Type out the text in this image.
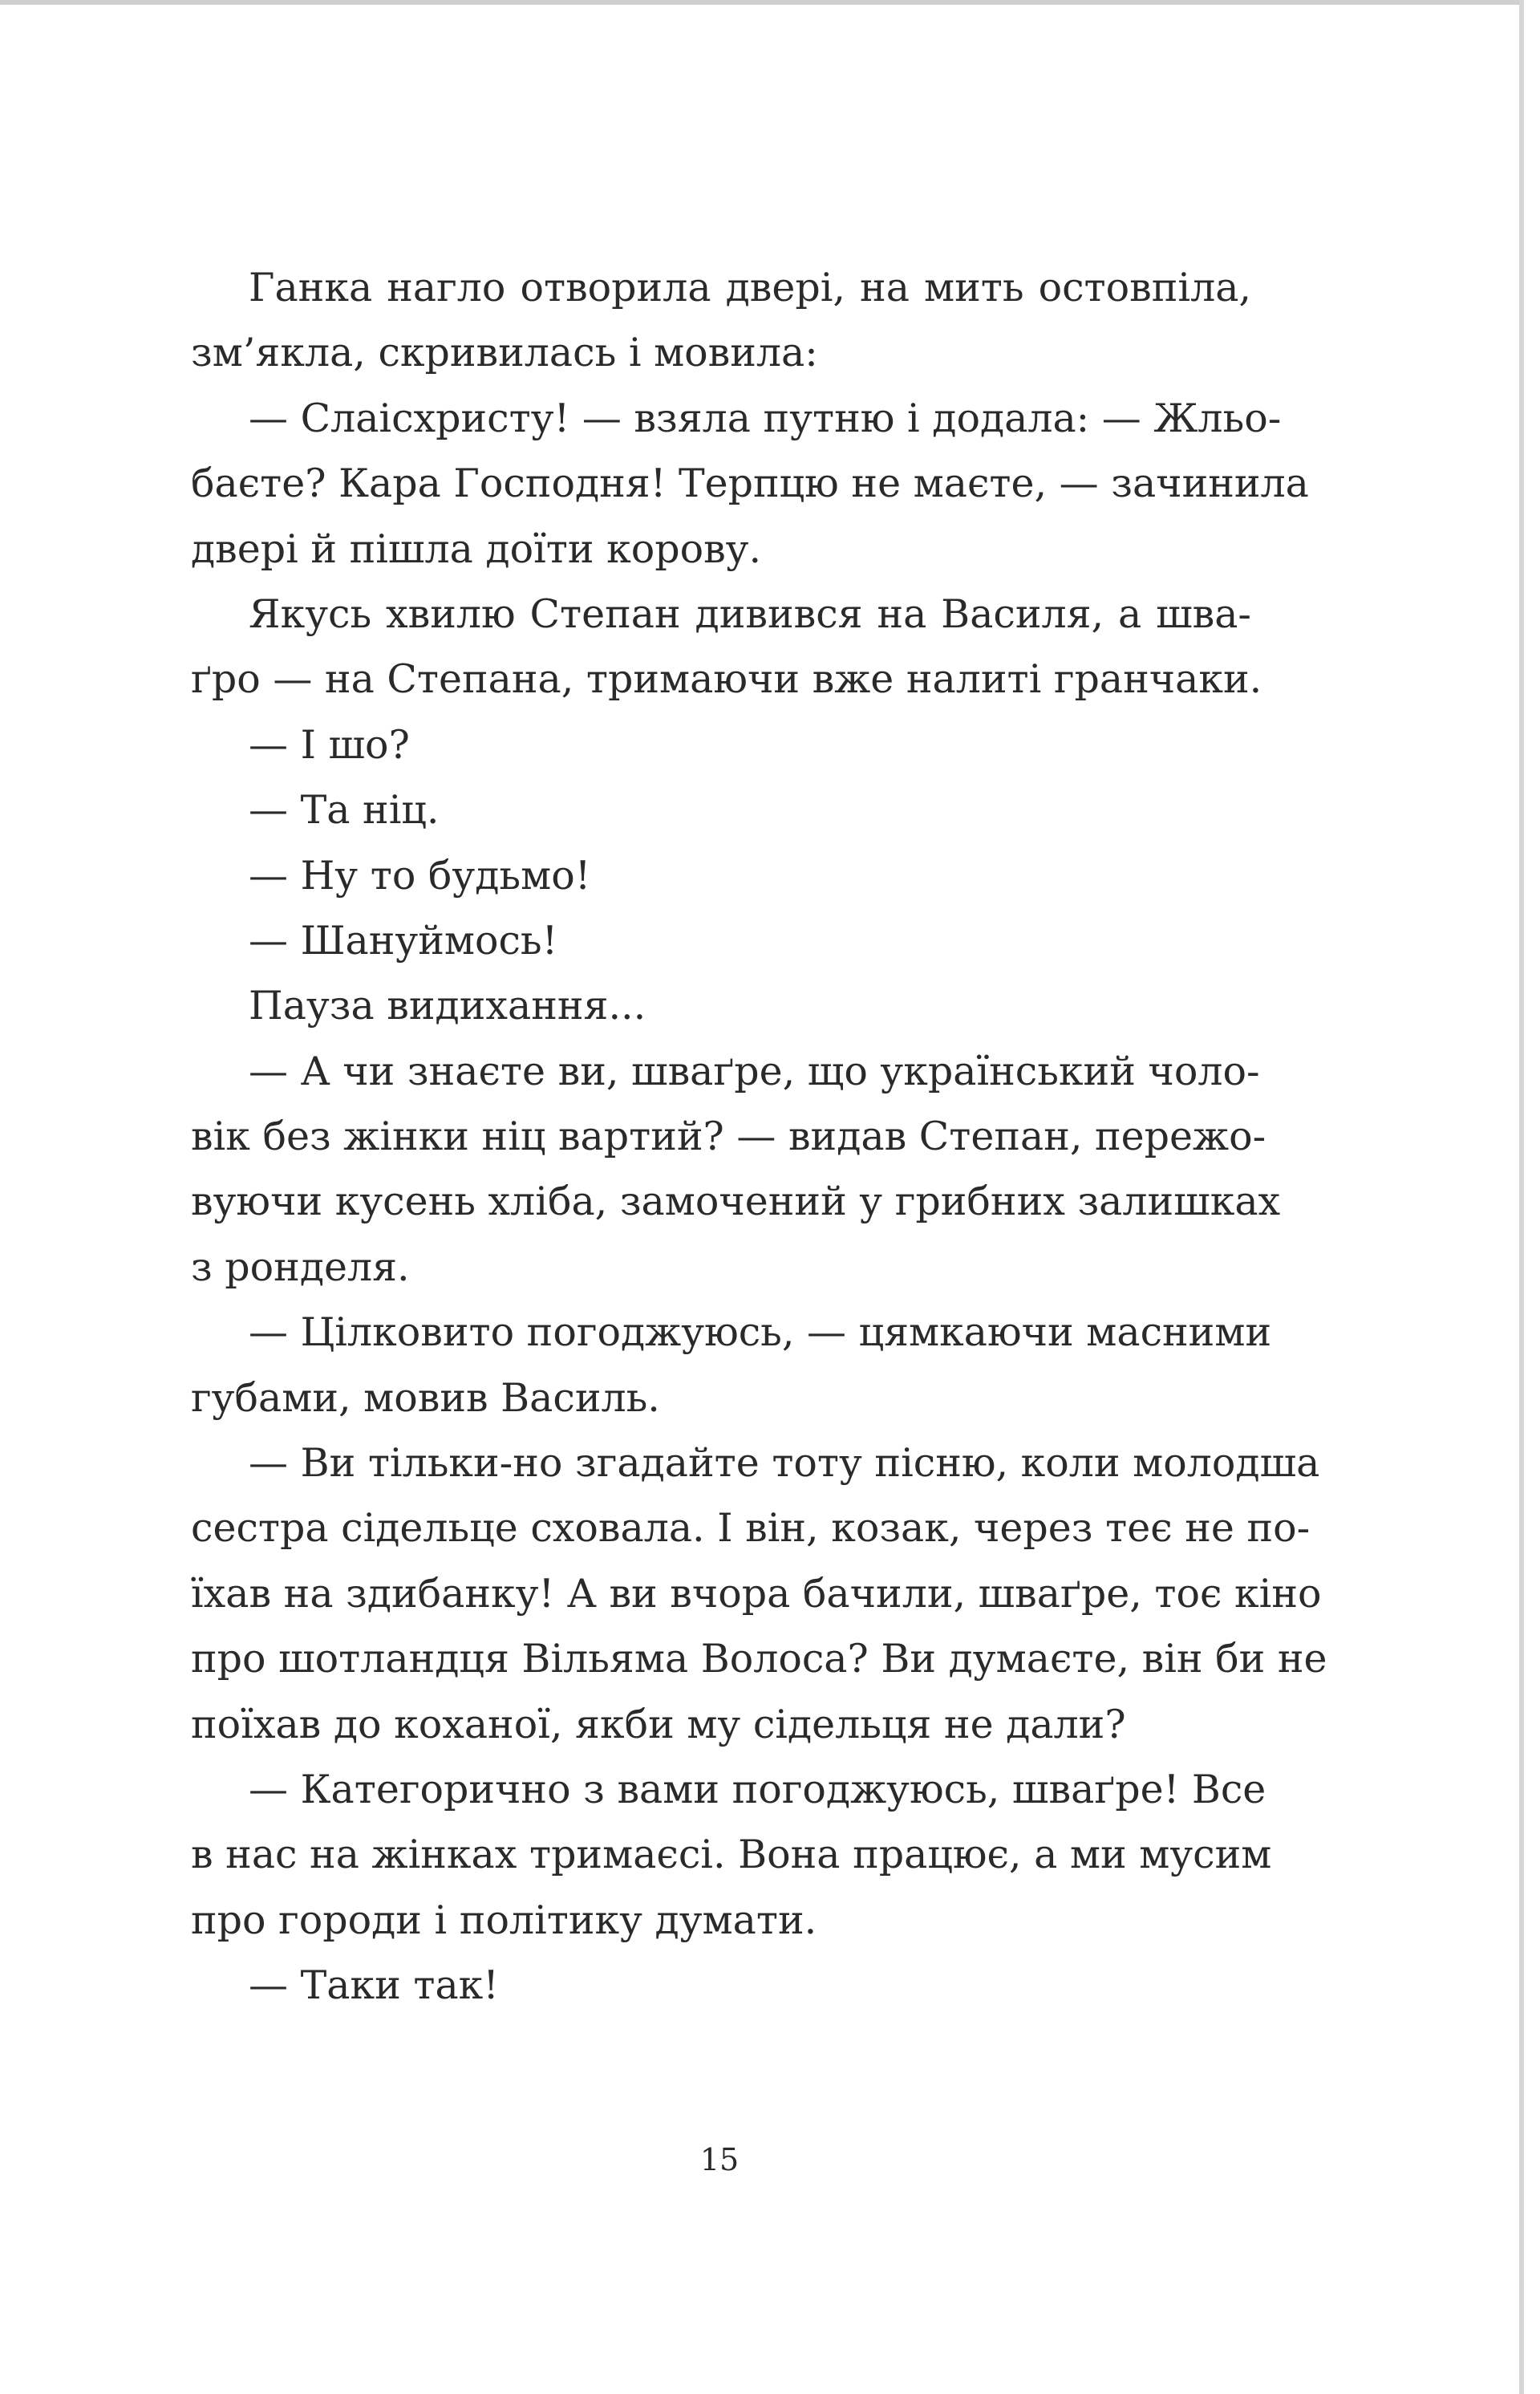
Ганка нагло отворила двері, на мить остовпіла,
зм’якла, скривилась і мовила:
— Слаісхристу! — взяла путню і додала: — Жльо-
баєте? Кара Господня! Терпцю не маєте, — зачинила
двері й пішла доїти корову.
Якусь хвилю Степан дивився на Василя, а шва-
ґро — на Степана, тримаючи вже налиті гранчаки.
— І шо?
— Та ніц.
— Ну то будьмо!
— Шануймось!
Пауза видихання...
— А чи знаєте ви, шваґре, що український чоло-
вік без жінки ніц вартий? — видав Степан, пережо-
вуючи кусень хліба, замочений у грибних залишках
з ронделя.
— Цілковито погоджуюсь, — цямкаючи масними
губами, мовив Василь.
— Ви тільки-но згадайте тоту пісню, коли молодша
сестра сідельце сховала. І він, козак, через теє не по-
їхав на здибанку! А ви вчора бачили, шваґре, тоє кіно
про шотландця Вільяма Волоса? Ви думаєте, він би не
поїхав до коханої, якби му сідельця не дали?
— Категорично з вами погоджуюсь, шваґре! Все
в нас на жінках тримаєсі. Вона працює, а ми мусим
про городи і політику думати.
— Таки так!
15
